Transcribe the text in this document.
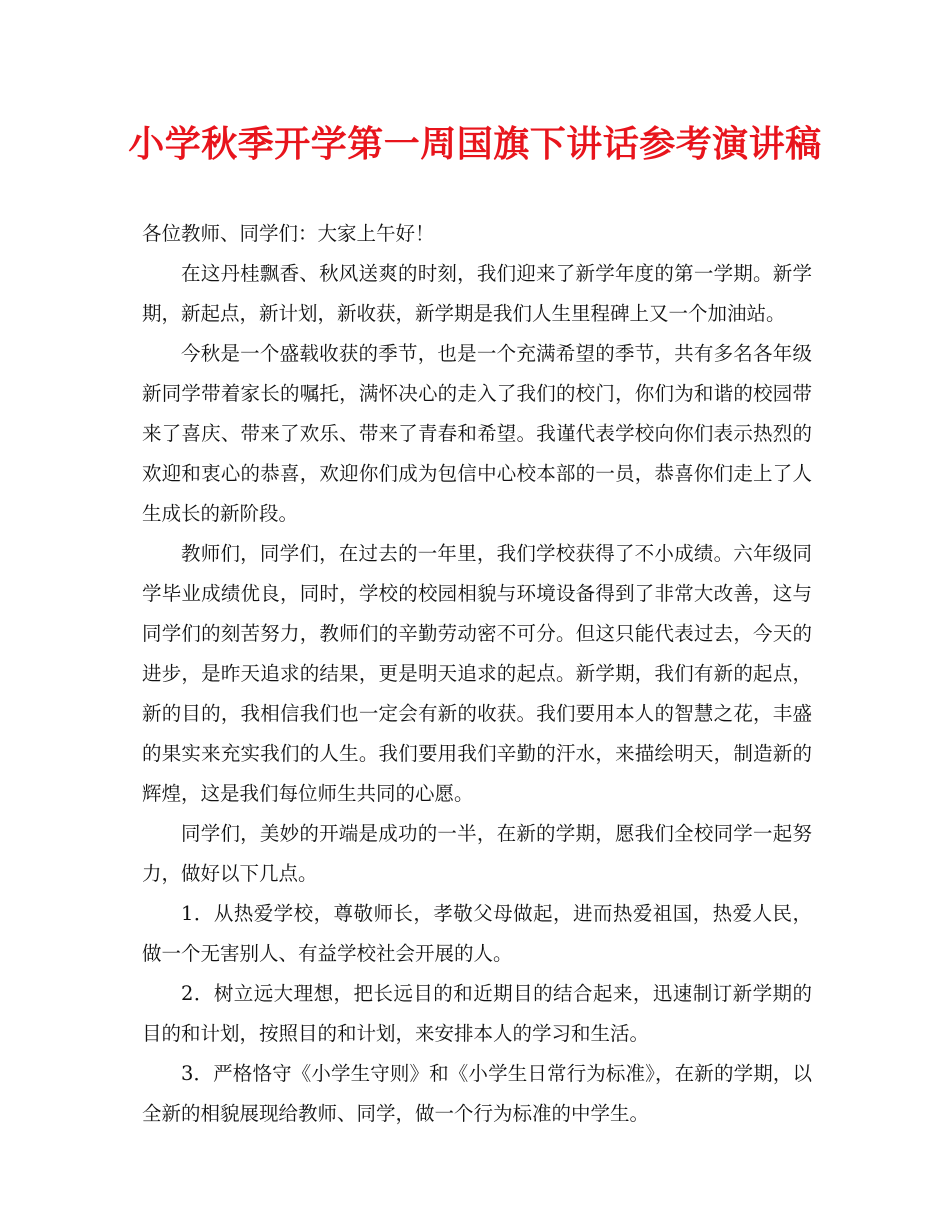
小学秋季开学第一周国旗下讲话参考演讲稿

各位教师、同学们：大家上午好！

在这丹桂飘香、秋风送爽的时刻，我们迎来了新学年度的第一学期。新学期，新起点，新计划，新收获，新学期是我们人生里程碑上又一个加油站。

今秋是一个盛载收获的季节，也是一个充满希望的季节，共有多名各年级新同学带着家长的嘱托，满怀决心的走入了我们的校门，你们为和谐的校园带来了喜庆、带来了欢乐、带来了青春和希望。我谨代表学校向你们表示热烈的欢迎和衷心的恭喜，欢迎你们成为包信中心校本部的一员，恭喜你们走上了人生成长的新阶段。

教师们，同学们，在过去的一年里，我们学校获得了不小成绩。六年级同学毕业成绩优良，同时，学校的校园相貌与环境设备得到了非常大改善，这与同学们的刻苦努力，教师们的辛勤劳动密不可分。但这只能代表过去，今天的进步，是昨天追求的结果，更是明天追求的起点。新学期，我们有新的起点，新的目的，我相信我们也一定会有新的收获。我们要用本人的智慧之花，丰盛的果实来充实我们的人生。我们要用我们辛勤的汗水，来描绘明天，制造新的辉煌，这是我们每位师生共同的心愿。

同学们，美妙的开端是成功的一半，在新的学期，愿我们全校同学一起努力，做好以下几点。

1．从热爱学校，尊敬师长，孝敬父母做起，进而热爱祖国，热爱人民，做一个无害别人、有益学校社会开展的人。

2．树立远大理想，把长远目的和近期目的结合起来，迅速制订新学期的目的和计划，按照目的和计划，来安排本人的学习和生活。

3．严格恪守《小学生守则》和《小学生日常行为标准》，在新的学期，以全新的相貌展现给教师、同学，做一个行为标准的中学生。
